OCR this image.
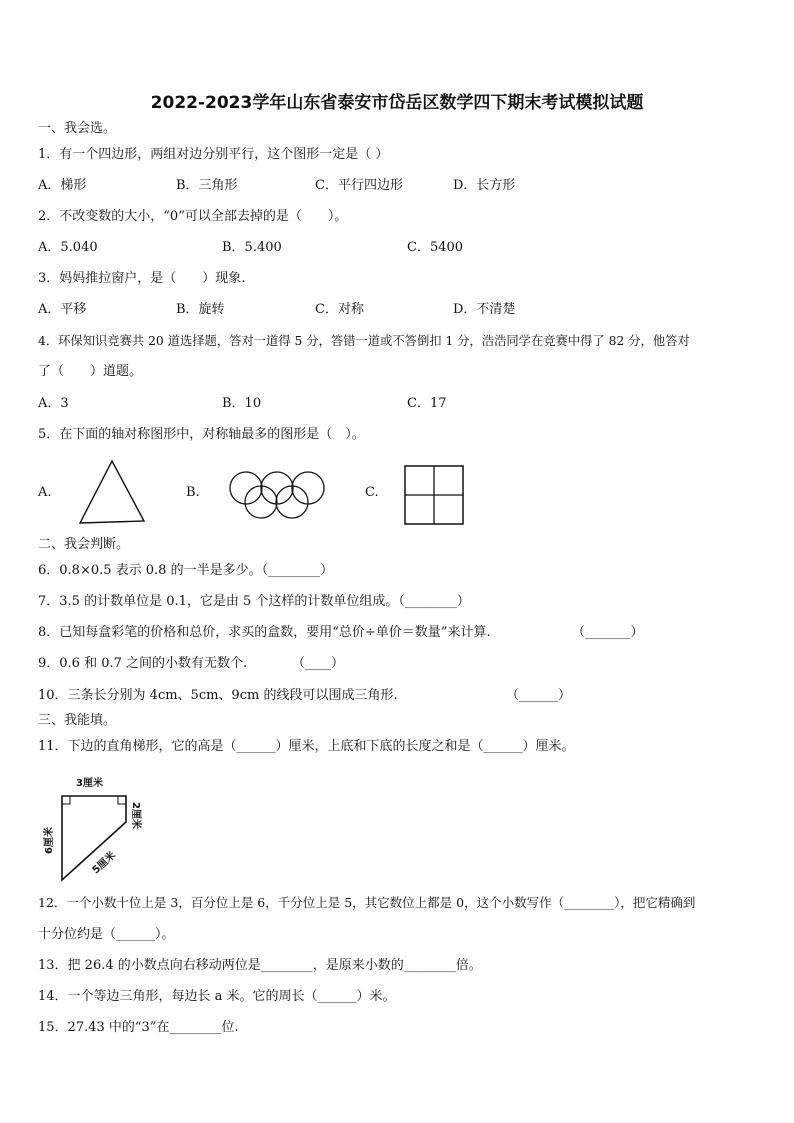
2022-2023学年山东省泰安市岱岳区数学四下期末考试模拟试题
一、我会选。
1．有一个四边形，两组对边分别平行，这个图形一定是（ ）
A．梯形	B．三角形	C．平行四边形	D．长方形
2．不改变数的大小，“0”可以全部去掉的是（　　）。
A．5.040	B．5.400	C．5400
3．妈妈推拉窗户，是（　　）现象.
A．平移	B．旋转	C．对称	D．不清楚
4．环保知识竞赛共 20 道选择题，答对一道得 5 分，答错一道或不答倒扣 1 分，浩浩同学在竞赛中得了 82 分，他答对
了（　　）道题。
A．3	B．10	C．17
5．在下面的轴对称图形中，对称轴最多的图形是（　）。
A.	B.	C.
二、我会判断。
6．0.8×0.5 表示 0.8 的一半是多少。（________）
7．3.5 的计数单位是 0.1，它是由 5 个这样的计数单位组成。（________）
8．已知每盒彩笔的价格和总价，求买的盒数，要用“总价÷单价＝数量”来计算.	（_______）
9．0.6 和 0.7 之间的小数有无数个.	（____）
10．三条长分别为 4cm、5cm、9cm 的线段可以围成三角形.	（______）
三、我能填。
11．下边的直角梯形，它的高是（______）厘米，上底和下底的长度之和是（______）厘米。
3厘米
2厘米
6厘米
5厘米
12．一个小数十位上是 3，百分位上是 6，千分位上是 5，其它数位上都是 0，这个小数写作（________），把它精确到
十分位约是（______）。
13．把 26.4 的小数点向右移动两位是________，是原来小数的________倍。
14．一个等边三角形，每边长 a 米。它的周长（______）米。
15．27.43 中的“3”在________位.
